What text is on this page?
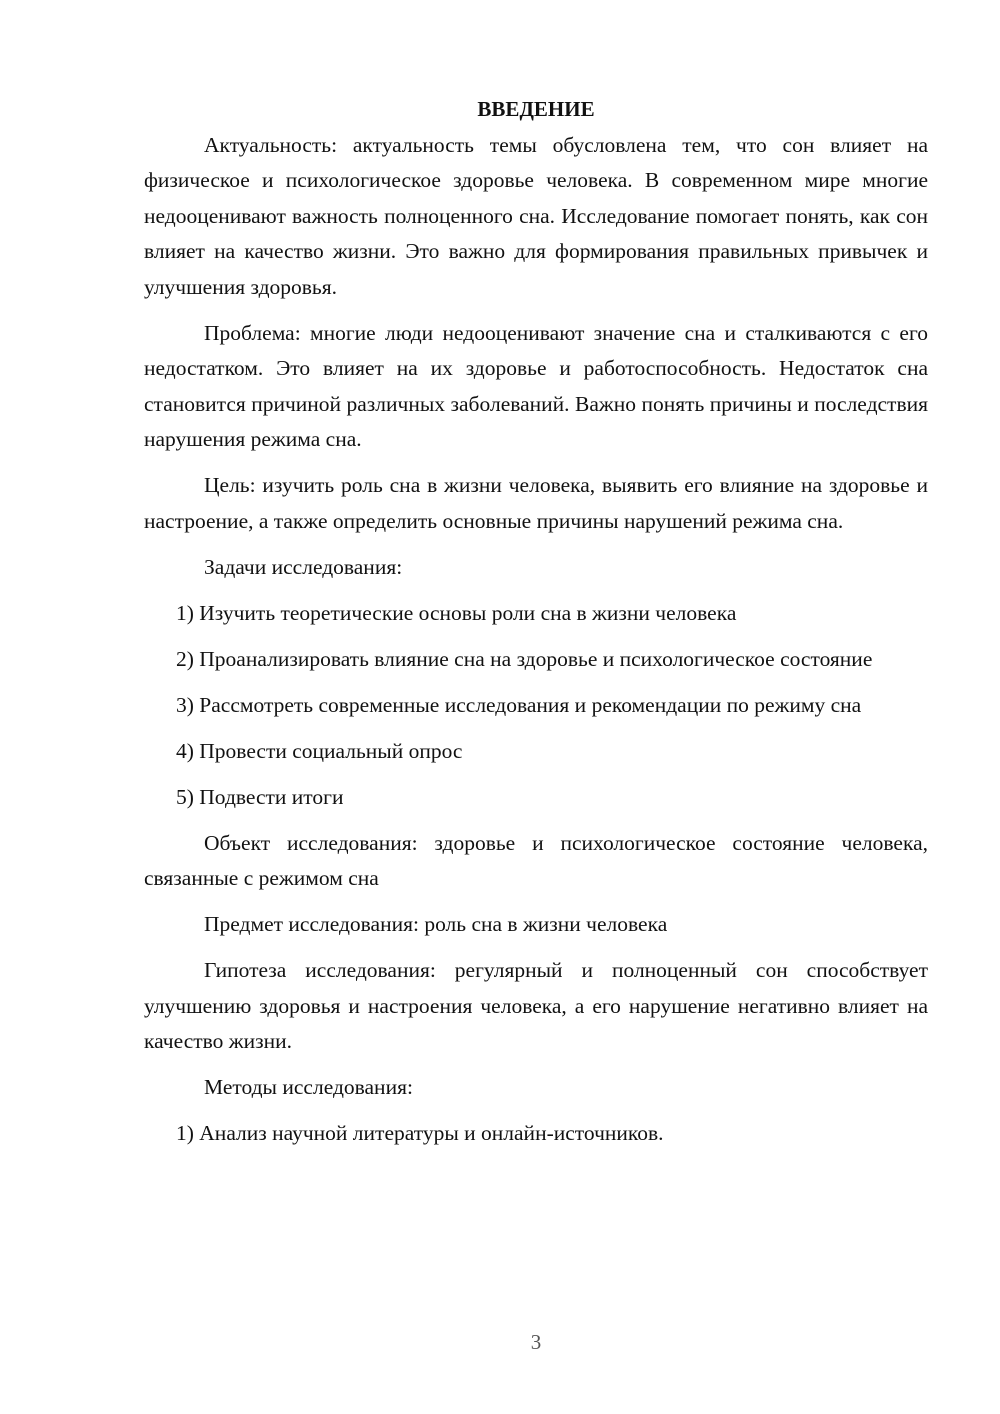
ВВЕДЕНИЕ

Актуальность: актуальность темы обусловлена тем, что сон влияет на физическое и психологическое здоровье человека. В современном мире многие недооценивают важность полноценного сна. Исследование помогает понять, как сон влияет на качество жизни. Это важно для формирования правильных привычек и улучшения здоровья.

Проблема: многие люди недооценивают значение сна и сталкиваются с его недостатком. Это влияет на их здоровье и работоспособность. Недостаток сна становится причиной различных заболеваний. Важно понять причины и последствия нарушения режима сна.

Цель: изучить роль сна в жизни человека, выявить его влияние на здоровье и настроение, а также определить основные причины нарушений режима сна.

Задачи исследования:

1) Изучить теоретические основы роли сна в жизни человека

2) Проанализировать влияние сна на здоровье и психологическое состояние

3) Рассмотреть современные исследования и рекомендации по режиму сна

4) Провести социальный опрос

5) Подвести итоги

Объект исследования: здоровье и психологическое состояние человека, связанные с режимом сна

Предмет исследования: роль сна в жизни человека

Гипотеза исследования: регулярный и полноценный сон способствует улучшению здоровья и настроения человека, а его нарушение негативно влияет на качество жизни.

Методы исследования:

1) Анализ научной литературы и онлайн-источников.

3
